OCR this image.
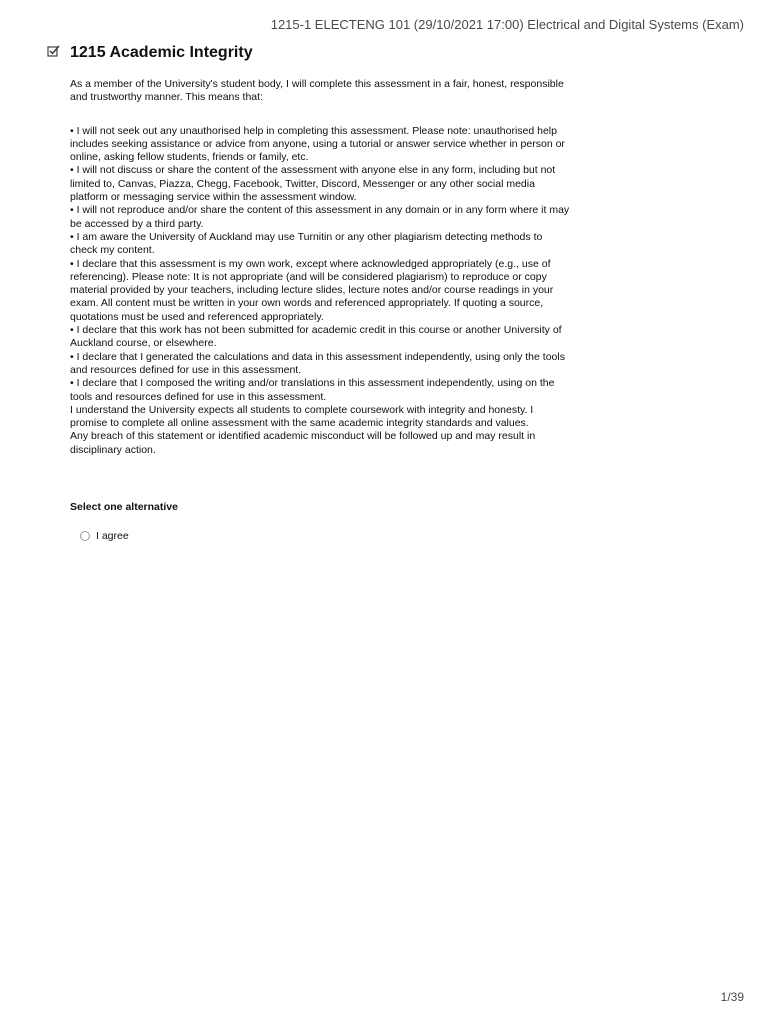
1215-1 ELECTENG 101 (29/10/2021 17:00) Electrical and Digital Systems (Exam)
1215 Academic Integrity

As a member of the University's student body, I will complete this assessment in a fair, honest, responsible and trustworthy manner. This means that:

• I will not seek out any unauthorised help in completing this assessment. Please note: unauthorised help includes seeking assistance or advice from anyone, using a tutorial or answer service whether in person or online, asking fellow students, friends or family, etc.

• I will not discuss or share the content of the assessment with anyone else in any form, including but not limited to, Canvas, Piazza, Chegg, Facebook, Twitter, Discord, Messenger or any other social media platform or messaging service within the assessment window.

• I will not reproduce and/or share the content of this assessment in any domain or in any form where it may be accessed by a third party.

• I am aware the University of Auckland may use Turnitin or any other plagiarism detecting methods to check my content.

• I declare that this assessment is my own work, except where acknowledged appropriately (e.g., use of referencing). Please note: It is not appropriate (and will be considered plagiarism) to reproduce or copy material provided by your teachers, including lecture slides, lecture notes and/or course readings in your exam. All content must be written in your own words and referenced appropriately. If quoting a source, quotations must be used and referenced appropriately.

• I declare that this work has not been submitted for academic credit in this course or another University of Auckland course, or elsewhere.

• I declare that I generated the calculations and data in this assessment independently, using only the tools and resources defined for use in this assessment.

• I declare that I composed the writing and/or translations in this assessment independently, using on the tools and resources defined for use in this assessment.

I understand the University expects all students to complete coursework with integrity and honesty. I promise to complete all online assessment with the same academic integrity standards and values.

Any breach of this statement or identified academic misconduct will be followed up and may result in disciplinary action.

Select one alternative
I agree
1/39
